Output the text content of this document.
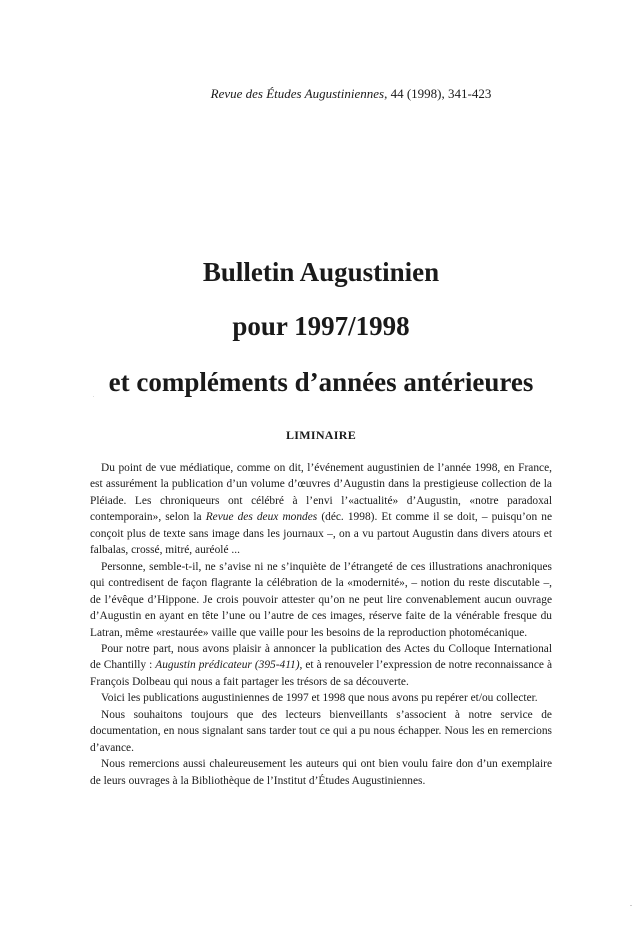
Revue des Études Augustiniennes, 44 (1998), 341-423
Bulletin Augustinien
pour 1997/1998
et compléments d’années antérieures
LIMINAIRE

Du point de vue médiatique, comme on dit, l’événement augustinien de l’année 1998, en France, est assurément la publication d’un volume d’œuvres d’Augustin dans la prestigieuse collection de la Pléiade. Les chroniqueurs ont célébré à l’envi l’«actualité» d’Augustin, «notre paradoxal contemporain», selon la Revue des deux mondes (déc. 1998). Et comme il se doit, – puisqu’on ne conçoit plus de texte sans image dans les journaux –, on a vu partout Augustin dans divers atours et falbalas, crossé, mitré, auréolé ...

Personne, semble-t-il, ne s’avise ni ne s’inquiète de l’étrangeté de ces illustrations anachroniques qui contredisent de façon flagrante la célébration de la «modernité», – notion du reste discutable –, de l’évêque d’Hippone. Je crois pouvoir attester qu’on ne peut lire convenablement aucun ouvrage d’Augustin en ayant en tête l’une ou l’autre de ces images, réserve faite de la vénérable fresque du Latran, même «restaurée» vaille que vaille pour les besoins de la reproduction photomécanique.

Pour notre part, nous avons plaisir à annoncer la publication des Actes du Colloque International de Chantilly : Augustin prédicateur (395-411), et à renouveler l’expression de notre reconnaissance à François Dolbeau qui nous a fait partager les trésors de sa découverte.

Voici les publications augustiniennes de 1997 et 1998 que nous avons pu repérer et/ou collecter.

Nous souhaitons toujours que des lecteurs bienveillants s’associent à notre service de documentation, en nous signalant sans tarder tout ce qui a pu nous échapper. Nous les en remercions d’avance.

Nous remercions aussi chaleureusement les auteurs qui ont bien voulu faire don d’un exemplaire de leurs ouvrages à la Bibliothèque de l’Institut d’Études Augustiniennes.
